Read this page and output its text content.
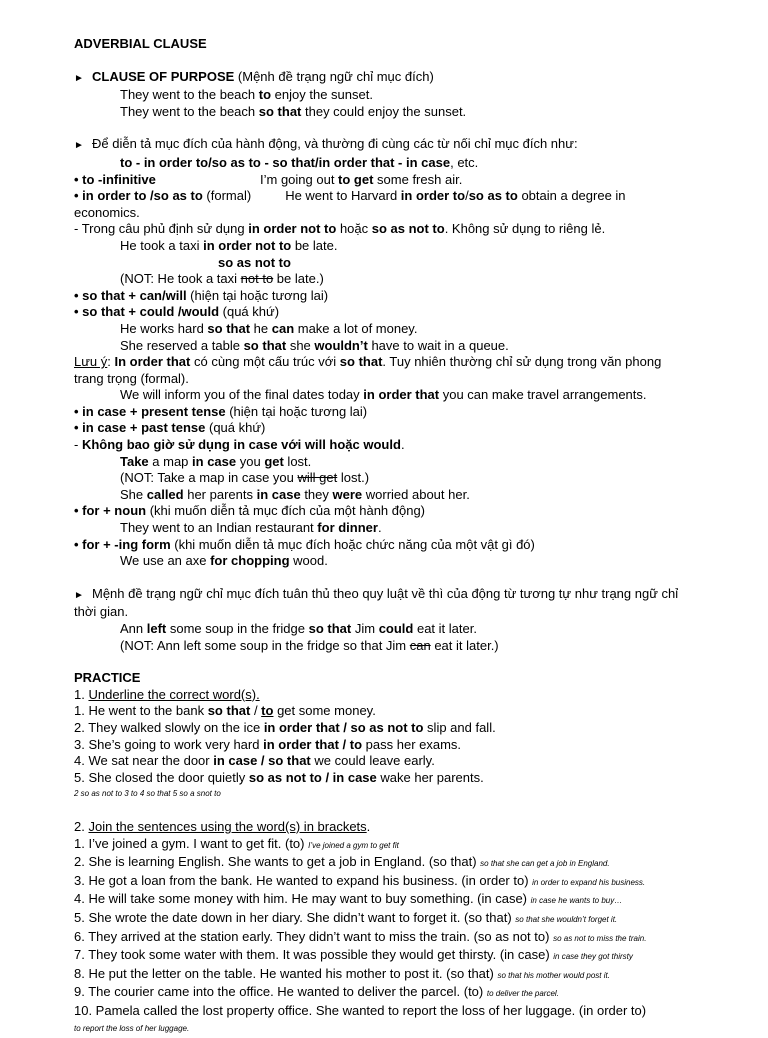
ADVERBIAL CLAUSE
► CLAUSE OF PURPOSE (Mệnh đề trạng ngữ chỉ mục đích)
They went to the beach to enjoy the sunset.
They went to the beach so that they could enjoy the sunset.
► Để diễn tả mục đích của hành động, và thường đi cùng các từ nối chỉ mục đích như:
to - in order to/so as to - so that/in order that - in case, etc.
• to -infinitive	I’m going out to get some fresh air.
• in order to /so as to (formal)	He went to Harvard in order to/so as to obtain a degree in
economics.
- Trong câu phủ định sử dụng in order not to hoặc so as not to. Không sử dụng to riêng lẻ.
He took a taxi in order not to be late.
so as not to
(NOT: He took a taxi not to be late.)
• so that + can/will (hiện tại hoặc tương lai)
• so that + could /would (quá khứ)
He works hard so that he can make a lot of money.
She reserved a table so that she wouldn’t have to wait in a queue.
Lưu ý: In order that có cùng một cấu trúc với so that. Tuy nhiên thường chỉ sử dụng trong văn phong
trang trọng (formal).
We will inform you of the final dates today in order that you can make travel arrangements.
• in case + present tense (hiện tại hoặc tương lai)
• in case + past tense (quá khứ)
- Không bao giờ sử dụng in case với will hoặc would.
Take a map in case you get lost.
(NOT: Take a map in case you will get lost.)
She called her parents in case they were worried about her.
• for + noun (khi muốn diễn tả mục đích của một hành động)
They went to an Indian restaurant for dinner.
• for + -ing form (khi muốn diễn tả mục đích hoặc chức năng của một vật gì đó)
We use an axe for chopping wood.
► Mệnh đề trạng ngữ chỉ mục đích tuân thủ theo quy luật về thì của động từ tương tự như trạng ngữ chỉ
thời gian.
Ann left some soup in the fridge so that Jim could eat it later.
(NOT: Ann left some soup in the fridge so that Jim can eat it later.)
PRACTICE
1. Underline the correct word(s).
1. He went to the bank so that / to get some money.
2. They walked slowly on the ice in order that / so as not to slip and fall.
3. She’s going to work very hard in order that / to pass her exams.
4. We sat near the door in case / so that we could leave early.
5. She closed the door quietly so as not to / in case wake her parents.
2 so as not to 3 to 4 so that 5 so a snot to
2. Join the sentences using the word(s) in brackets.
1. I’ve joined a gym. I want to get fit. (to) I’ve joined a gym to get fit
2. She is learning English. She wants to get a job in England. (so that) so that she can get a job in England.
3. He got a loan from the bank. He wanted to expand his business. (in order to) in order to expand his business.
4. He will take some money with him. He may want to buy something. (in case) in case he wants to buy…
5. She wrote the date down in her diary. She didn’t want to forget it. (so that) so that she wouldn’t forget it.
6. They arrived at the station early. They didn’t want to miss the train. (so as not to) so as not to miss the train.
7. They took some water with them. It was possible they would get thirsty. (in case) in case they got thirsty
8. He put the letter on the table. He wanted his mother to post it. (so that) so that his mother would post it.
9. The courier came into the office. He wanted to deliver the parcel. (to) to deliver the parcel.
10. Pamela called the lost property office. She wanted to report the loss of her luggage. (in order to)
to report the loss of her luggage.
